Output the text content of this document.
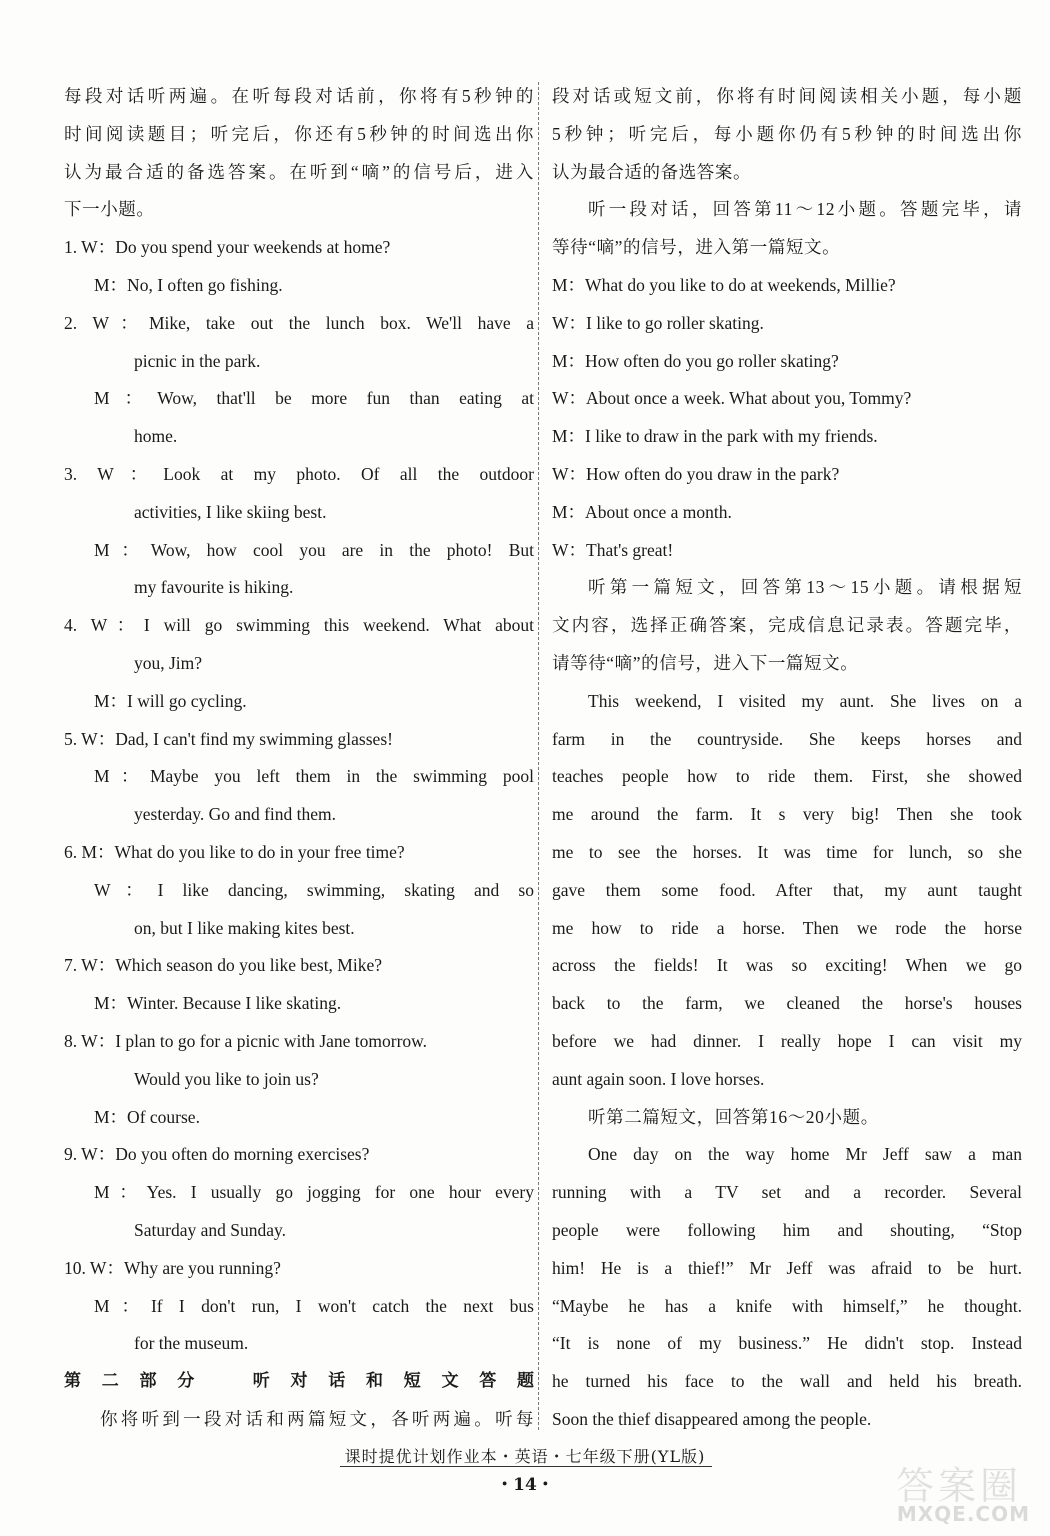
每段对话听两遍。在听每段对话前，你将有5秒钟的
时间阅读题目；听完后，你还有5秒钟的时间选出你
认为最合适的备选答案。在听到“嘀”的信号后，进入
下一小题。
1. W：Do you spend your weekends at home?
M：No, I often go fishing.
2. W：Mike, take out the lunch box. We'll have a
picnic in the park.
M：Wow, that'll be more fun than eating at
home.
3. W：Look at my photo. Of all the outdoor
activities, I like skiing best.
M：Wow, how cool you are in the photo! But
my favourite is hiking.
4. W：I will go swimming this weekend. What about
you, Jim?
M：I will go cycling.
5. W：Dad, I can't find my swimming glasses!
M：Maybe you left them in the swimming pool
yesterday. Go and find them.
6. M：What do you like to do in your free time?
W：I like dancing, swimming, skating and so
on, but I like making kites best.
7. W：Which season do you like best, Mike?
M：Winter. Because I like skating.
8. W：I plan to go for a picnic with Jane tomorrow.
Would you like to join us?
M：Of course.
9. W：Do you often do morning exercises?
M：Yes. I usually go jogging for one hour every
Saturday and Sunday.
10. W：Why are you running?
M：If I don't run, I won't catch the next bus
for the museum.
第二部分　听对话和短文答题
你将听到一段对话和两篇短文，各听两遍。听每
段对话或短文前，你将有时间阅读相关小题，每小题
5秒钟；听完后，每小题你仍有5秒钟的时间选出你
认为最合适的备选答案。
听一段对话，回答第11～12小题。答题完毕，请
等待“嘀”的信号，进入第一篇短文。
M：What do you like to do at weekends, Millie?
W：I like to go roller skating.
M：How often do you go roller skating?
W：About once a week. What about you, Tommy?
M：I like to draw in the park with my friends.
W：How often do you draw in the park?
M：About once a month.
W：That's great!
听第一篇短文，回答第13～15小题。请根据短
文内容，选择正确答案，完成信息记录表。答题完毕，
请等待“嘀”的信号，进入下一篇短文。
This weekend, I visited my aunt. She lives on a
farm in the countryside. She keeps horses and
teaches people how to ride them. First, she showed
me around the farm. It s very big! Then she took
me to see the horses. It was time for lunch, so she
gave them some food. After that, my aunt taught
me how to ride a horse. Then we rode the horse
across the fields! It was so exciting! When we go
back to the farm, we cleaned the horse's houses
before we had dinner. I really hope I can visit my
aunt again soon. I love horses.
听第二篇短文，回答第16～20小题。
One day on the way home Mr Jeff saw a man
running with a TV set and a recorder. Several
people were following him and shouting, “Stop
him! He is a thief!” Mr Jeff was afraid to be hurt.
“Maybe he has a knife with himself,” he thought.
“It is none of my business.” He didn't stop. Instead
he turned his face to the wall and held his breath.
Soon the thief disappeared among the people.
课时提优计划作业本・英语・七年级下册(YL版)
・14・	答案圈
MXQE.COM
